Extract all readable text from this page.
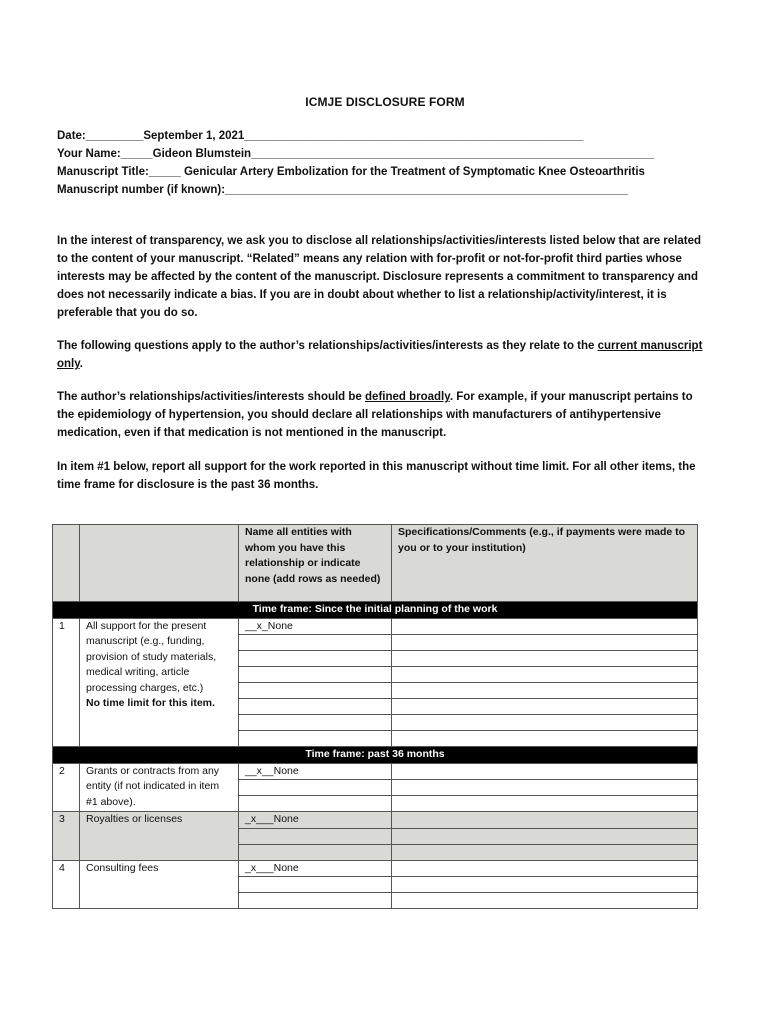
ICMJE DISCLOSURE FORM
Date:_________September 1, 2021_____________________________________________________
Your Name:_____Gideon Blumstein_______________________________________________________________
Manuscript Title:_____ Genicular Artery Embolization for the Treatment of Symptomatic Knee Osteoarthritis
Manuscript number (if known):_______________________________________________________________

In the interest of transparency, we ask you to disclose all relationships/activities/interests listed below that are related to the content of your manuscript. “Related” means any relation with for-profit or not-for-profit third parties whose interests may be affected by the content of the manuscript. Disclosure represents a commitment to transparency and does not necessarily indicate a bias. If you are in doubt about whether to list a relationship/activity/interest, it is preferable that you do so.

The following questions apply to the author’s relationships/activities/interests as they relate to the current manuscript only.

The author’s relationships/activities/interests should be defined broadly. For example, if your manuscript pertains to the epidemiology of hypertension, you should declare all relationships with manufacturers of antihypertensive medication, even if that medication is not mentioned in the manuscript.

In item #1 below, report all support for the work reported in this manuscript without time limit. For all other items, the time frame for disclosure is the past 36 months.

		Name all entities with whom you have this relationship or indicate none (add rows as needed)	Specifications/Comments (e.g., if payments were made to you or to your institution)
Time frame: Since the initial planning of the work			
1	All support for the present manuscript (e.g., funding, provision of study materials, medical writing, article processing charges, etc.)
No time limit for this item.	__x_None	

Time frame: past 36 months			
2	Grants or contracts from any entity (if not indicated in item #1 above).	__x__None	

3	Royalties or licenses	_x___None	

4	Consulting fees	_x___None	
